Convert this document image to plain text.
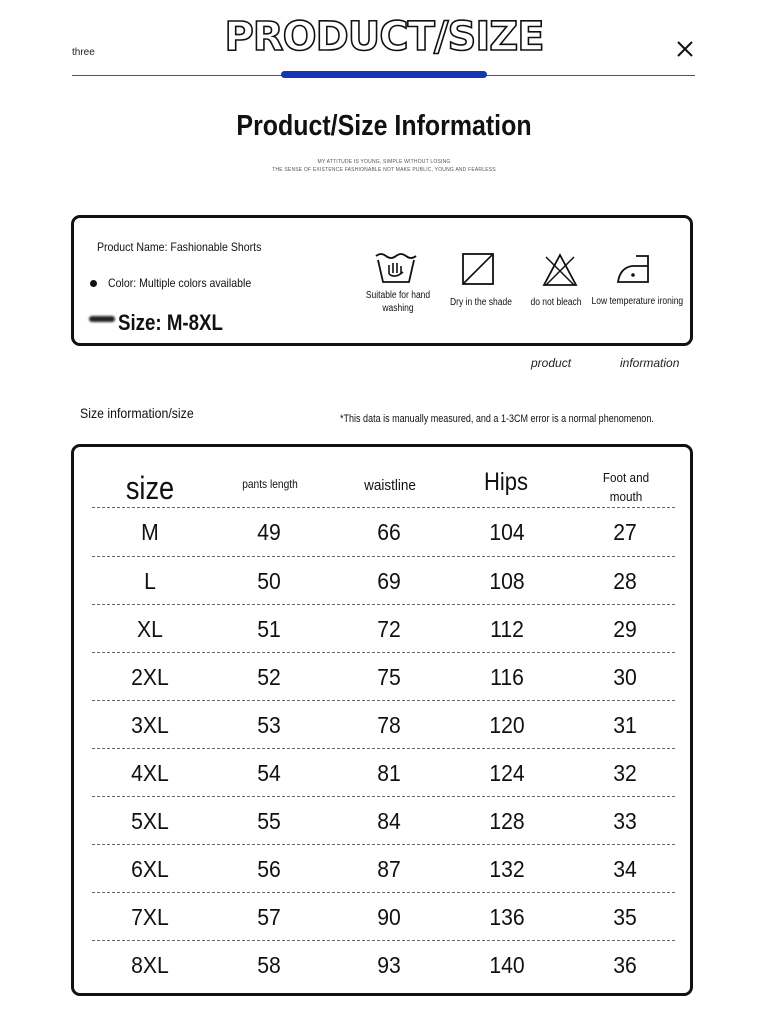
three	PRODUCT/SIZE
Product/Size Information
MY ATTITUDE IS YOUNG, SIMPLE WITHOUT LOSING
THE SENSE OF EXISTENCE FASHIONABLE NOT MAKE PUBLIC, YOUNG AND FEARLESS
Product Name: Fashionable Shorts
Color: Multiple colors available
Size: M-8XL
Suitable for hand
washing
Dry in the shade	do not bleach Low temperature ironing
product	information
Size information/size	*This data is manually measured, and a 1-3CM error is a normal phenomenon.
size	pants length	waistline	Hips	Foot and
mouth
M	49	66	104	27
L	50	69	108	28
XL	51	72	112	29
2XL	52	75	116	30
3XL	53	78	120	31
4XL	54	81	124	32
5XL	55	84	128	33
6XL	56	87	132	34
7XL	57	90	136	35
8XL	58	93	140	36
